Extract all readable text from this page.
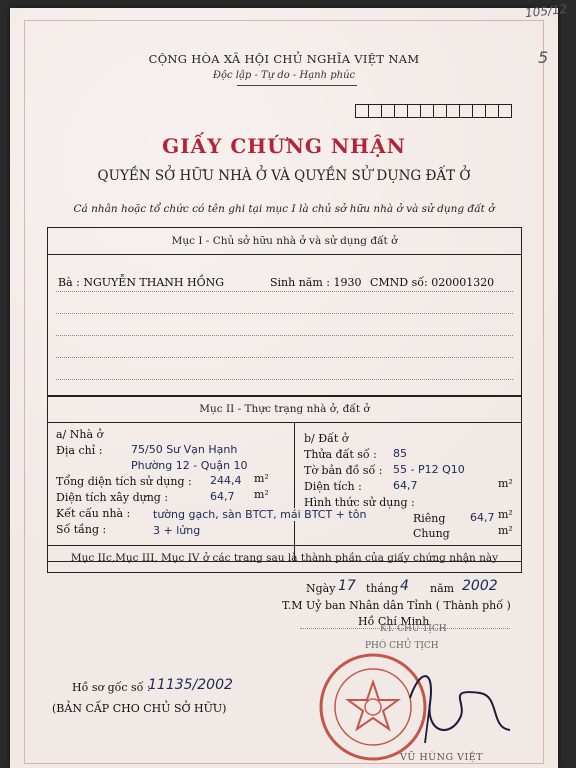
105/12
5
CỘNG HÒA XÃ HỘI CHỦ NGHĨA VIỆT NAM
Độc lập - Tự do - Hạnh phúc
GIẤY CHỨNG NHẬN
QUYỀN SỞ HỮU NHÀ Ở VÀ QUYỀN SỬ DỤNG ĐẤT Ở
Cá nhân hoặc tổ chức có tên ghi tại mục I là chủ sở hữu nhà ở và sử dụng đất ở
Mục I - Chủ sở hữu nhà ở và sử dụng đất ở
Bà : NGUYỄN THANH HỒNG	Sinh năm : 1930 CMND số: 020001320
Mục II - Thực trạng nhà ở, đất ở
a/ Nhà ở
Địa chỉ :	75/50 Sư Vạn Hạnh
Phường 12 - Quận 10
Tổng diện tích sử dụng : 244,4 m²
Diện tích xây dựng :	64,7 m²
Kết cấu nhà : tường gạch, sàn BTCT, mái BTCT + tôn
Số tầng :	3 + lửng
b/ Đất ở
Thửa đất số : 85
Tờ bản đồ số : 55 - P12 Q10
Diện tích :	64,7	m²
Hình thức sử dụng :
Riêng 64,7 m²
Chung	m²
Mục IIc,Mục III, Mục IV ở các trang sau là thành phần của giấy chứng nhận này
Ngày 17 tháng 4 năm 2002
T.M Uỷ ban Nhân dân Tỉnh ( Thành phố )
Hồ Chí Minh
KT. CHỦ TỊCH
PHÓ CHỦ TỊCH
VŨ HÙNG VIỆT
Hồ sơ gốc số :
11135/2002
(BẢN CẤP CHO CHỦ SỞ HỮU)
